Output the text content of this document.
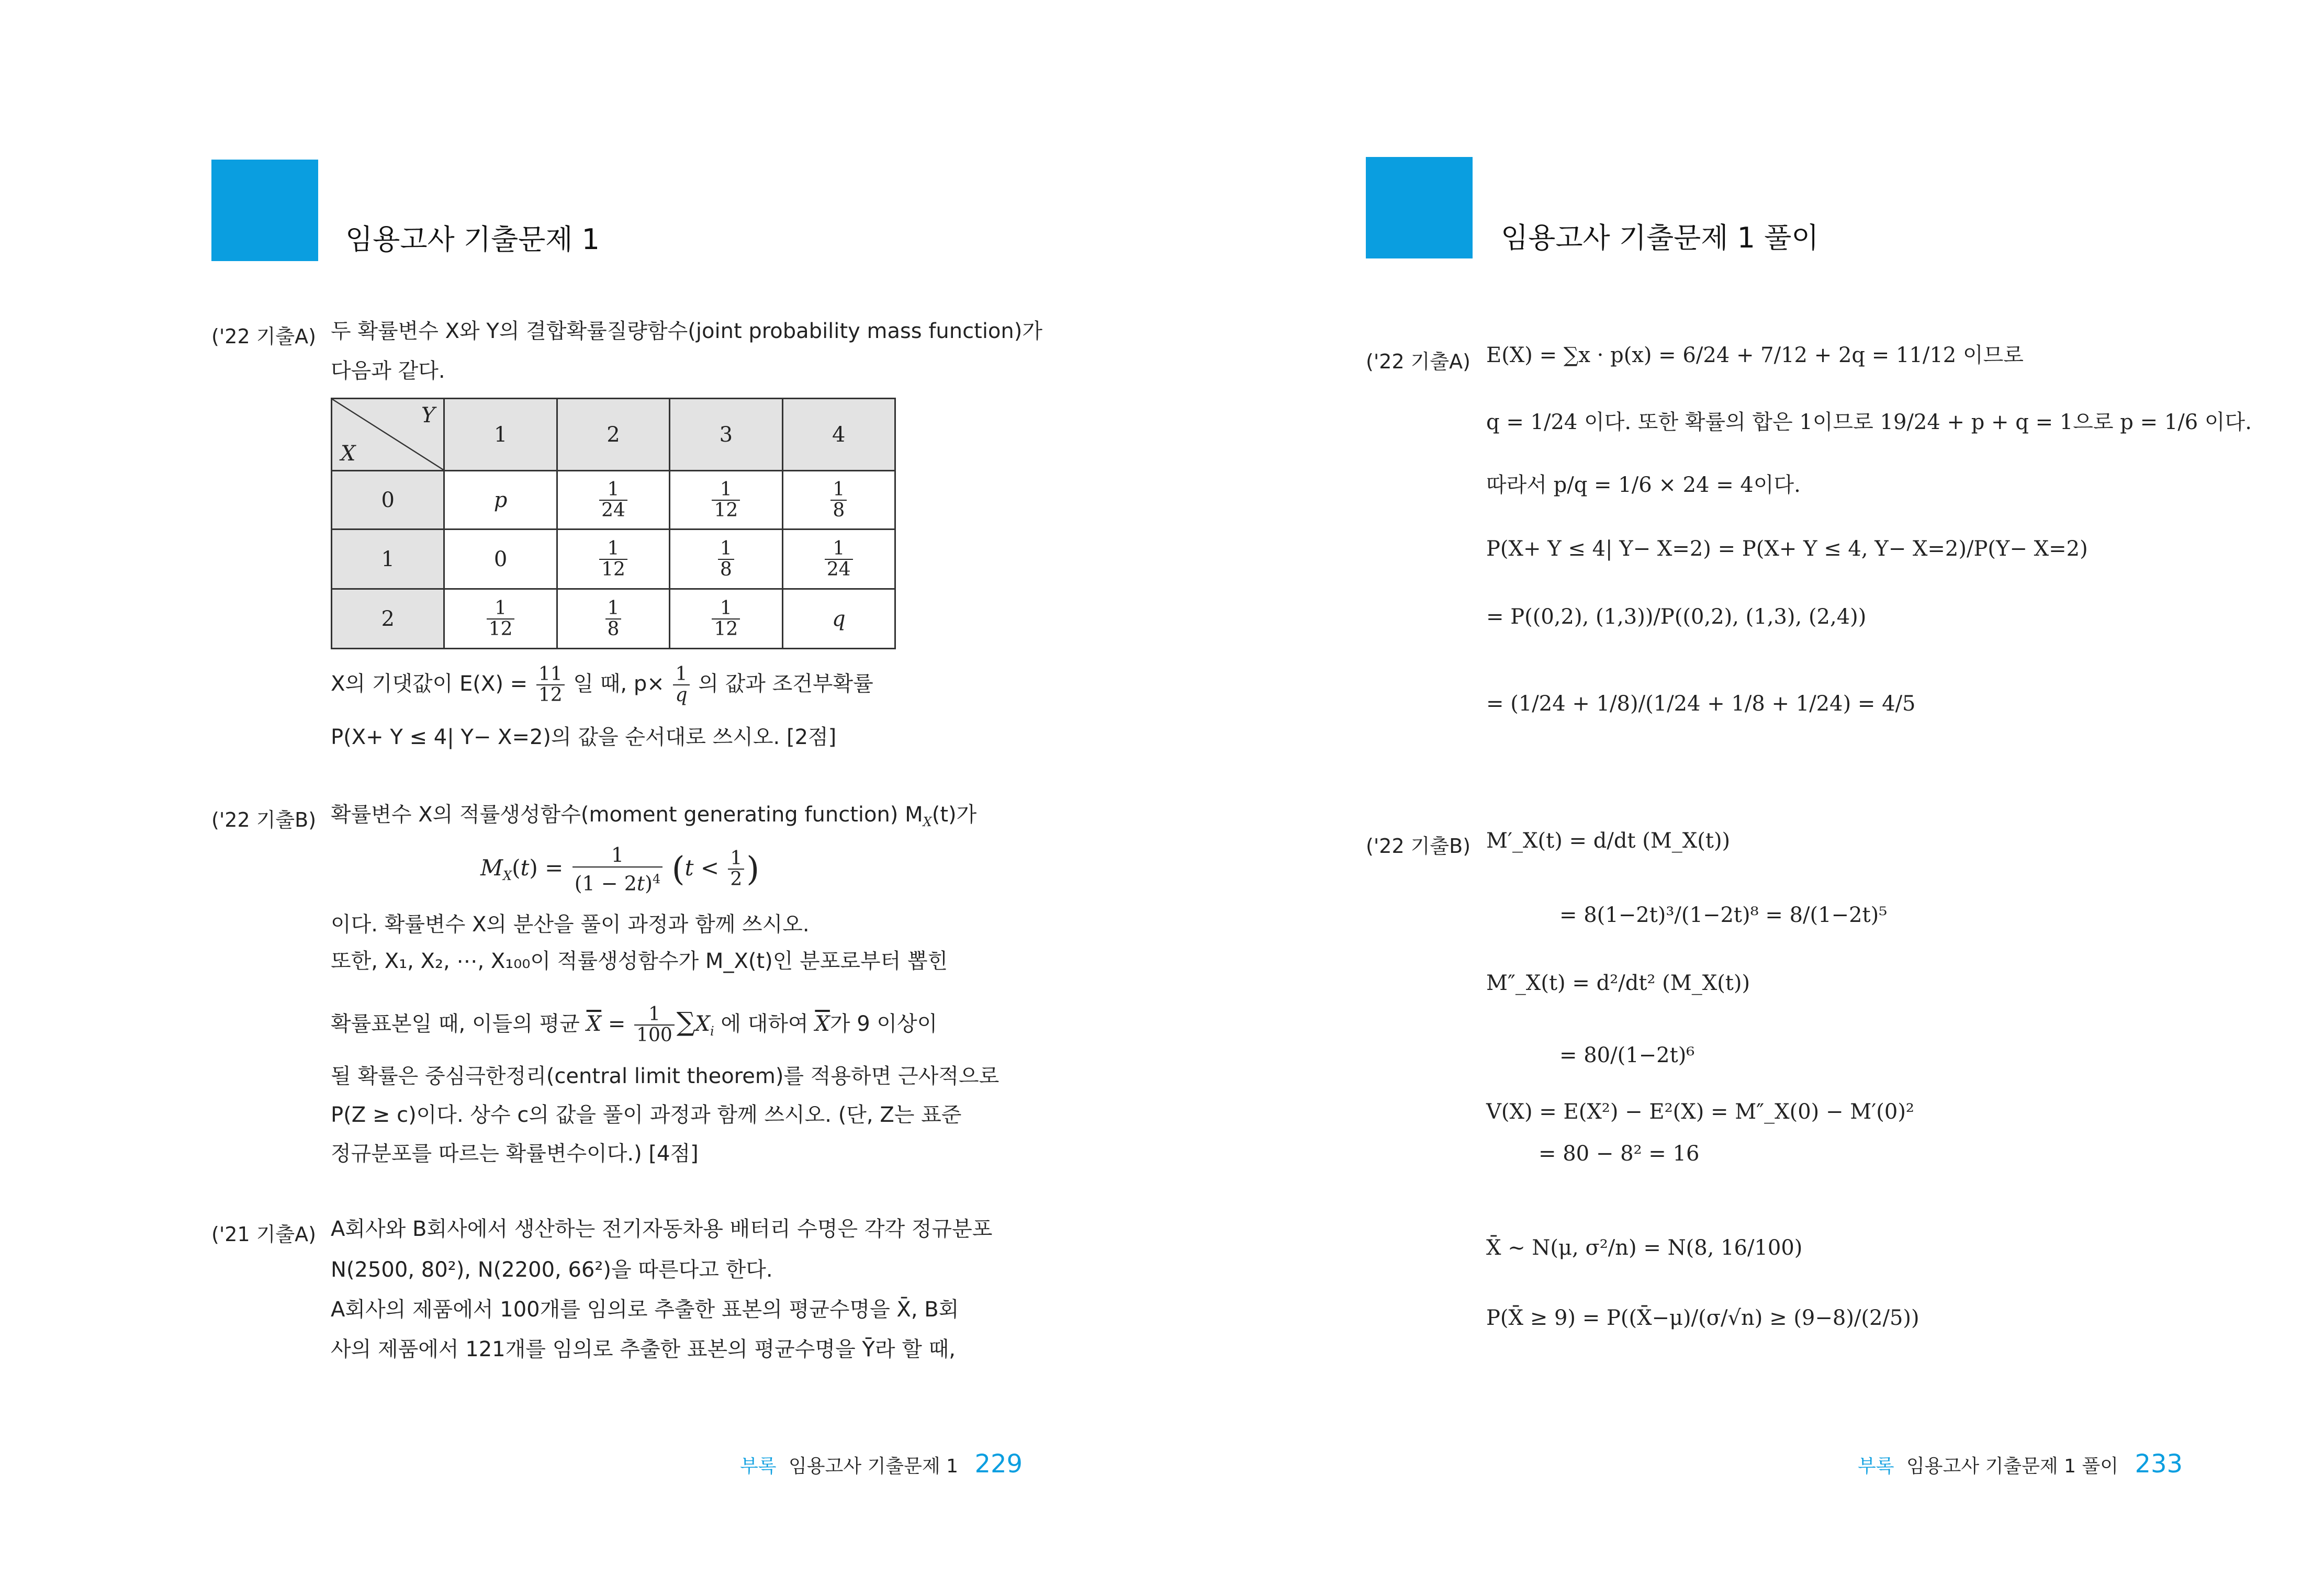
임용고사 기출문제 1
('22 기출A) 두 확률변수 X와 Y의 결합확률질량함수(joint probability mass function)가
다음과 같다.
Y
X	1	2	3	4
0	p	$\frac{1}{24}$	$\frac{1}{12}$	$\frac{1}{8}$

1	0	$\frac{1}{12}$	$\frac{1}{8}$	$\frac{1}{24}$

2	$\frac{1}{12}$	$\frac{1}{8}$	$\frac{1}{12}$	q
X의 기댓값이 $E(X) = \frac{11}{12}$ 일 때, $p\times \frac{1}{q}$ 의 값과 조건부확률
P(X+ Y ≤ 4| Y− X=2)의 값을 순서대로 쓰시오. [2점]
('22 기출B) 확률변수 X의 적률생성함수(moment generating function) $M_X(t)$가
$M_X(t) = \frac{1}{(1 - 2t)^4} (t < \frac{1}{2}$ )
이다. 확률변수 X의 분산을 풀이 과정과 함께 쓰시오.
또한, X₁, X₂, ⋯, X₁₀₀이 적률생성함수가 M_X(t)인 분포로부터 뽑힌
확률표본일 때, 이들의 평균 $\overline{X} = \frac{1}{100} \sum X_i$ 에 대하여 $\overline{X}$가 9 이상이
될 확률은 중심극한정리(central limit theorem)를 적용하면 근사적으로
P(Z ≥ c)이다. 상수 c의 값을 풀이 과정과 함께 쓰시오. (단, Z는 표준
정규분포를 따르는 확률변수이다.) [4점]
('21 기출A) A회사와 B회사에서 생산하는 전기자동차용 배터리 수명은 각각 정규분포
N(2500, 80²), N(2200, 66²)을 따른다고 한다.
A회사의 제품에서 100개를 임의로 추출한 표본의 평균수명을 X̄, B회
사의 제품에서 121개를 임의로 추출한 표본의 평균수명을 Ȳ라 할 때,
부록 임용고사 기출문제 1 229
임용고사 기출문제 1 풀이
('22 기출A) E(X) = ∑x · p(x) = 6/24 + 7/12 + 2q = 11/12 이므로
q = 1/24 이다. 또한 확률의 합은 1이므로 19/24 + p + q = 1으로 p = 1/6 이다.
따라서 p/q = 1/6 × 24 = 4이다.
P(X+ Y ≤ 4| Y− X=2) = P(X+ Y ≤ 4, Y− X=2)/P(Y− X=2)
= P((0,2), (1,3))/P((0,2), (1,3), (2,4))
= (1/24 + 1/8)/(1/24 + 1/8 + 1/24) = 4/5
('22 기출B) M′_X(t) = d/dt (M_X(t))
= 8(1−2t)³/(1−2t)⁸ = 8/(1−2t)⁵
M″_X(t) = d²/dt² (M_X(t))
= 80/(1−2t)⁶
V(X) = E(X²) − E²(X) = M″_X(0) − M′(0)²
= 80 − 8² = 16
X̄ ~ N(μ, σ²/n) = N(8, 16/100)
P(X̄ ≥ 9) = P((X̄−μ)/(σ/√n) ≥ (9−8)/(2/5))
부록 임용고사 기출문제 1 풀이 233
